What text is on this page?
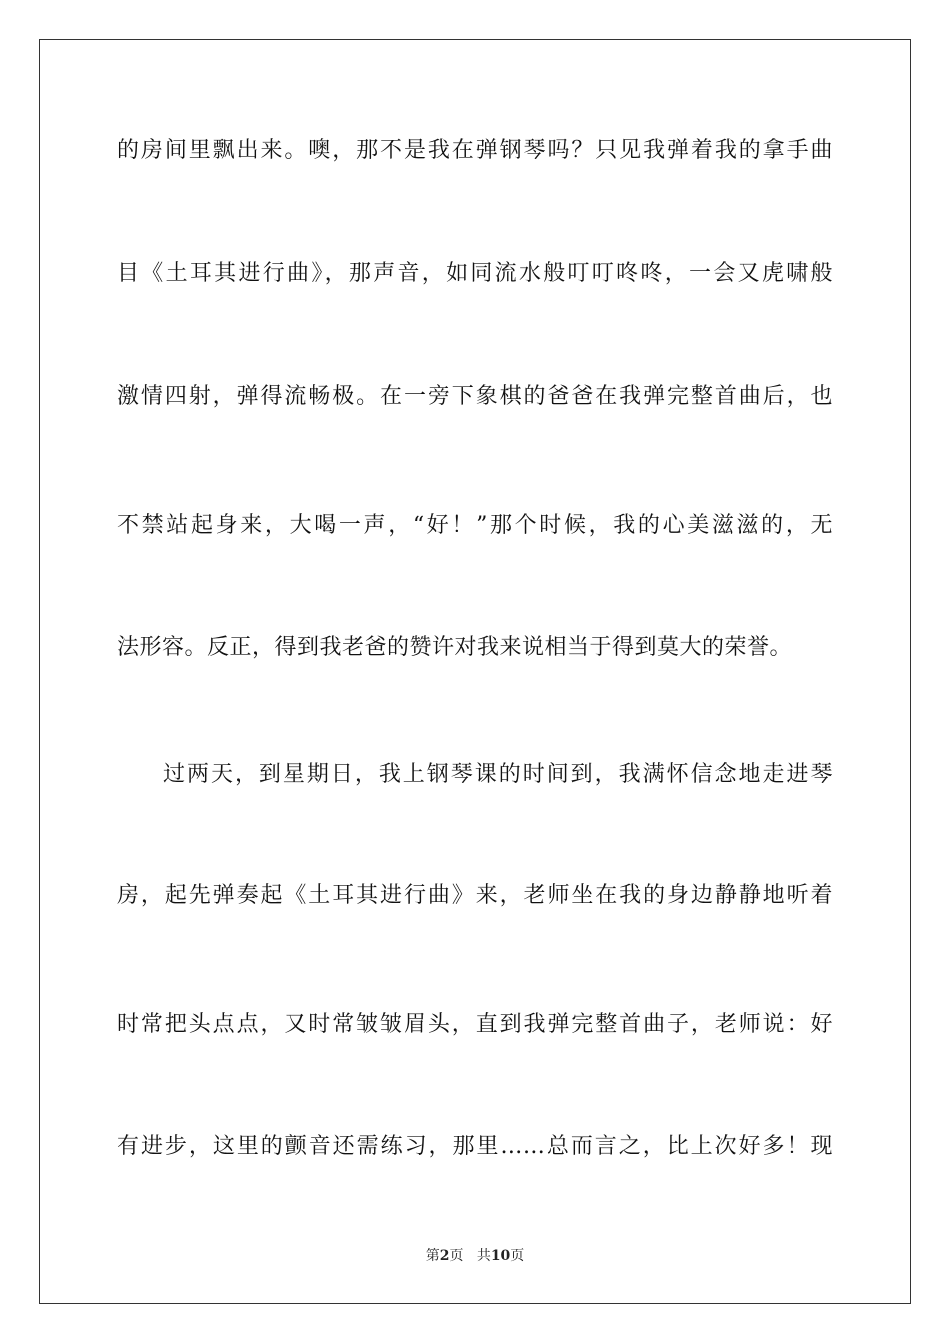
的房间里飘出来。噢，那不是我在弹钢琴吗？只见我弹着我的拿手曲
目《土耳其进行曲》，那声音，如同流水般叮叮咚咚，一会又虎啸般
激情四射，弹得流畅极。在一旁下象棋的爸爸在我弹完整首曲后，也
不禁站起身来，大喝一声，“好！”那个时候，我的心美滋滋的，无
法形容。反正，得到我老爸的赞许对我来说相当于得到莫大的荣誉。
过两天，到星期日，我上钢琴课的时间到，我满怀信念地走进琴
房，起先弹奏起《土耳其进行曲》来，老师坐在我的身边静静地听着
时常把头点点，又时常皱皱眉头，直到我弹完整首曲子，老师说：好
有进步，这里的颤音还需练习，那里……总而言之，比上次好多！现
第2页 共10页
